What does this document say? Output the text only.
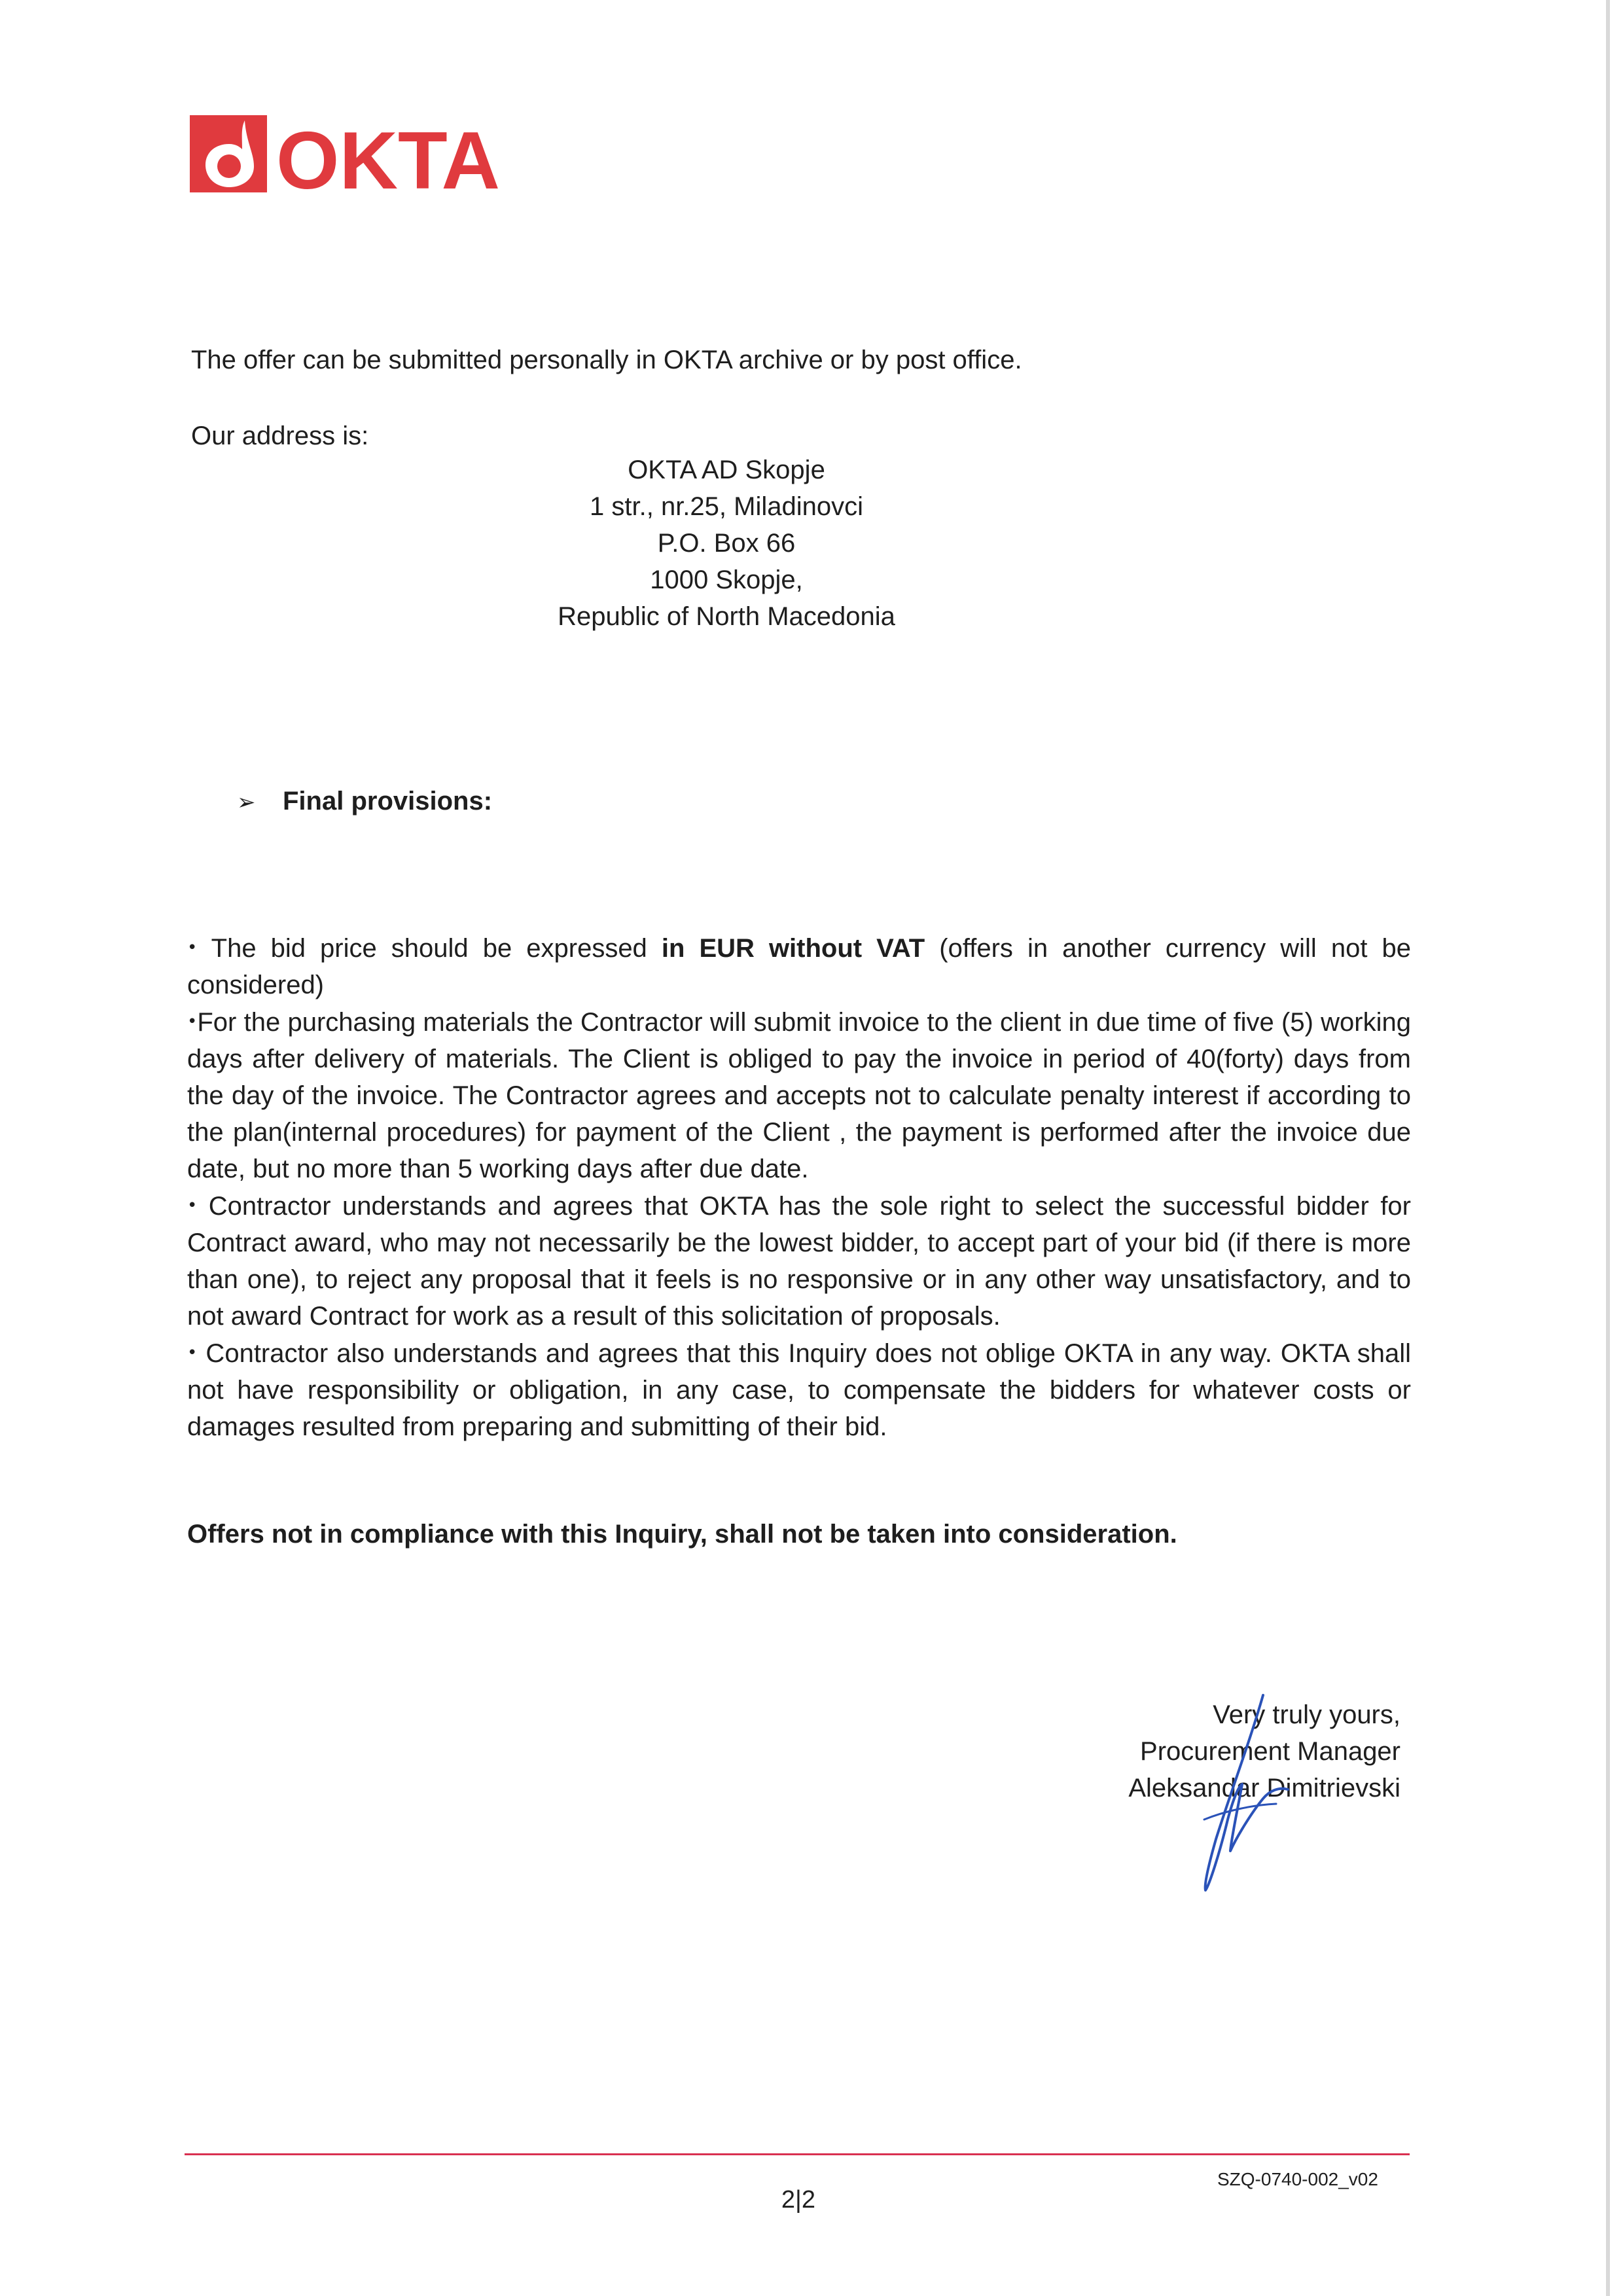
OKTA

The offer can be submitted personally in OKTA archive or by post office.

Our address is:

OKTA AD Skopje
1 str., nr.25, Miladinovci
P.O. Box 66
1000 Skopje,
Republic of North Macedonia
➢ Final provisions:

• The bid price should be expressed in EUR without VAT (offers in another currency will not be considered)

•For the purchasing materials the Contractor will submit invoice to the client in due time of five (5) working days after delivery of materials. The Client is obliged to pay the invoice in period of 40(forty) days from the day of the invoice. The Contractor agrees and accepts not to calculate penalty interest if according to the plan(internal procedures) for payment of the Client , the payment is performed after the invoice due date, but no more than 5 working days after due date.

• Contractor understands and agrees that OKTA has the sole right to select the successful bidder for Contract award, who may not necessarily be the lowest bidder, to accept part of your bid (if there is more than one), to reject any proposal that it feels is no responsive or in any other way unsatisfactory, and to not award Contract for work as a result of this solicitation of proposals.

• Contractor also understands and agrees that this Inquiry does not oblige OKTA in any way. OKTA shall not have responsibility or obligation, in any case, to compensate the bidders for whatever costs or damages resulted from preparing and submitting of their bid.

Offers not in compliance with this Inquiry, shall not be taken into consideration.
Very truly yours,
Procurement Manager
Aleksandar Dimitrievski
SZQ-0740-002_v02
2|2
